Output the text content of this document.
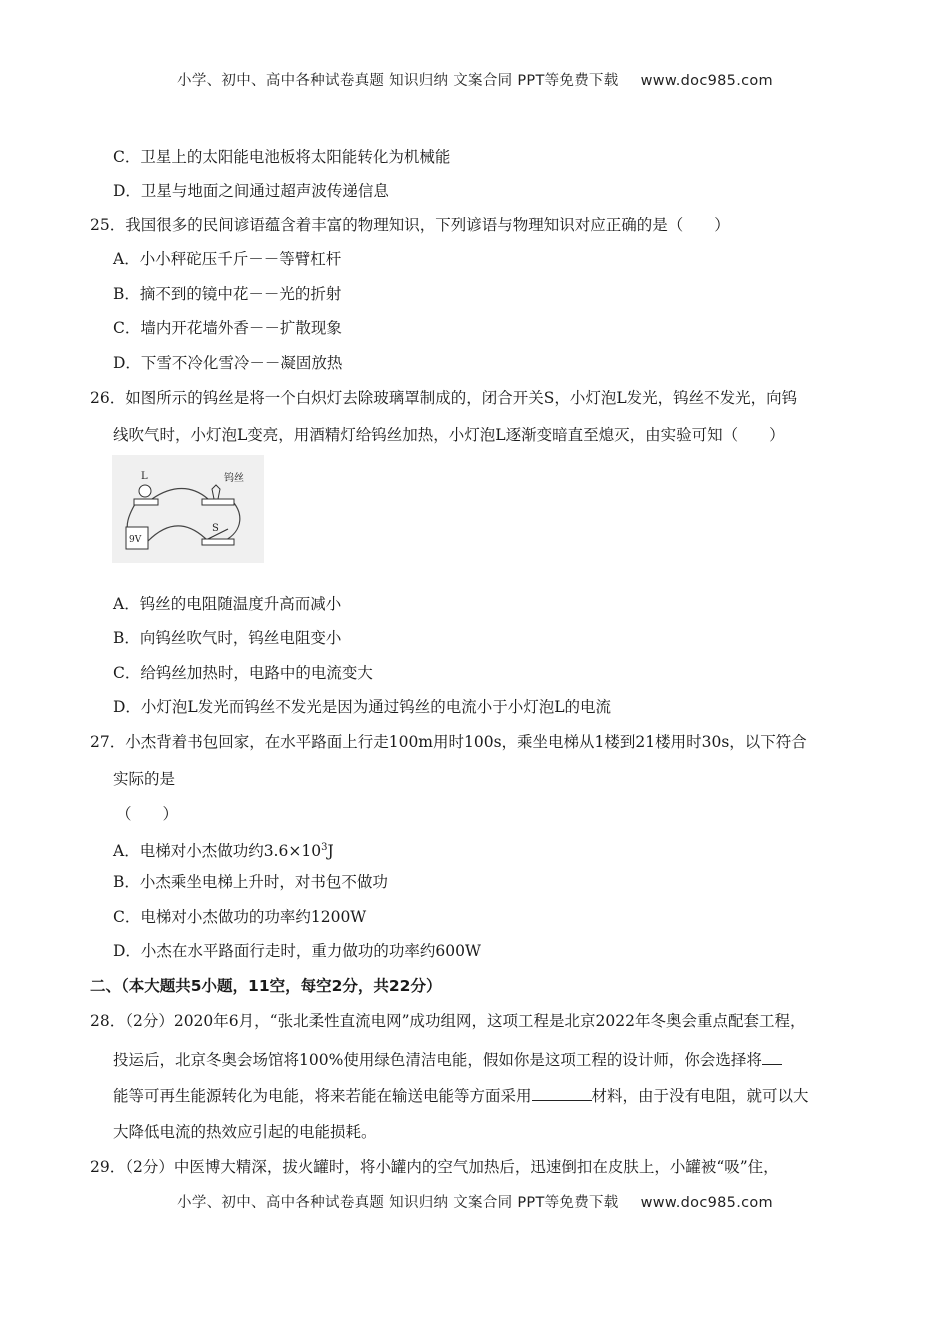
小学、初中、高中各种试卷真题 知识归纳 文案合同 PPT等免费下载 www.doc985.com
C．卫星上的太阳能电池板将太阳能转化为机械能
D．卫星与地面之间通过超声波传递信息
25．我国很多的民间谚语蕴含着丰富的物理知识，下列谚语与物理知识对应正确的是（　　）
A．小小秤砣压千斤－－等臂杠杆
B．摘不到的镜中花－－光的折射
C．墙内开花墙外香－－扩散现象
D．下雪不冷化雪冷－－凝固放热
26．如图所示的钨丝是将一个白炽灯去除玻璃罩制成的，闭合开关S，小灯泡L发光，钨丝不发光，向钨
线吹气时，小灯泡L变亮，用酒精灯给钨丝加热，小灯泡L逐渐变暗直至熄灭，由实验可知（　　）
L	钨丝
9V
S
A．钨丝的电阻随温度升高而减小
B．向钨丝吹气时，钨丝电阻变小
C．给钨丝加热时，电路中的电流变大
D．小灯泡L发光而钨丝不发光是因为通过钨丝的电流小于小灯泡L的电流
27．小杰背着书包回家，在水平路面上行走100m用时100s，乘坐电梯从1楼到21楼用时30s，以下符合
实际的是
（　　）
A．电梯对小杰做功约$3.6\times 10^3J$
B．小杰乘坐电梯上升时，对书包不做功
C．电梯对小杰做功的功率约1200W
D．小杰在水平路面行走时，重力做功的功率约600W
二、（本大题共5小题，11空，每空2分，共22分）
28．（2分）2020年6月，“张北柔性直流电网”成功组网，这项工程是北京2022年冬奥会重点配套工程，
投运后，北京冬奥会场馆将100%使用绿色清洁电能，假如你是这项工程的设计师，你会选择将
能等可再生能源转化为电能，将来若能在输送电能等方面采用	材料，由于没有电阻，就可以大
大降低电流的热效应引起的电能损耗。
29．（2分）中医博大精深，拔火罐时，将小罐内的空气加热后，迅速倒扣在皮肤上，小罐被“吸”住，
小学、初中、高中各种试卷真题 知识归纳 文案合同 PPT等免费下载 www.doc985.com
